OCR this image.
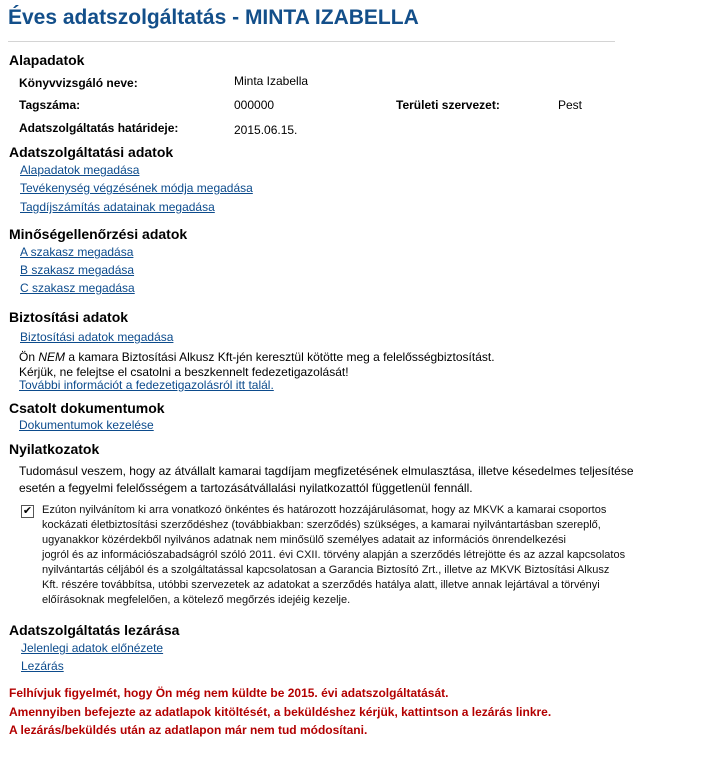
Éves adatszolgáltatás - MINTA IZABELLA
Alapadatok
Könyvvizsgáló neve:	Minta Izabella
Tagszáma:	000000	Területi szervezet:	Pest
Adatszolgáltatás határideje:	2015.06.15.
Adatszolgáltatási adatok
Alapadatok megadása
Tevékenység végzésének módja megadása
Tagdíjszámítás adatainak megadása
Minőségellenőrzési adatok
A szakasz megadása
B szakasz megadása
C szakasz megadása
Biztosítási adatok
Biztosítási adatok megadása
Ön NEM a kamara Biztosítási Alkusz Kft-jén keresztül kötötte meg a felelősségbiztosítást.
Kérjük, ne felejtse el csatolni a beszkennelt fedezetigazolását!
További információt a fedezetigazolásról itt talál.
Csatolt dokumentumok
Dokumentumok kezelése
Nyilatkozatok
Tudomásul veszem, hogy az átvállalt kamarai tagdíjam megfizetésének elmulasztása, illetve késedelmes teljesítése
esetén a fegyelmi felelősségem a tartozásátvállalási nyilatkozattól függetlenül fennáll.
✔ Ezúton nyilvánítom ki arra vonatkozó önkéntes és határozott hozzájárulásomat, hogy az MKVK a kamarai csoportos
kockázati életbiztosítási szerződéshez (továbbiakban: szerződés) szükséges, a kamarai nyilvántartásban szereplő,
ugyanakkor közérdekből nyilvános adatnak nem minősülő személyes adatait az információs önrendelkezési
jogról és az információszabadságról szóló 2011. évi CXII. törvény alapján a szerződés létrejötte és az azzal kapcsolatos
nyilvántartás céljából és a szolgáltatással kapcsolatosan a Garancia Biztosító Zrt., illetve az MKVK Biztosítási Alkusz
Kft. részére továbbítsa, utóbbi szervezetek az adatokat a szerződés hatálya alatt, illetve annak lejártával a törvényi
előírásoknak megfelelően, a kötelező megőrzés idejéig kezelje.
Adatszolgáltatás lezárása
Jelenlegi adatok előnézete
Lezárás
Felhívjuk figyelmét, hogy Ön még nem küldte be 2015. évi adatszolgáltatását.
Amennyiben befejezte az adatlapok kitöltését, a beküldéshez kérjük, kattintson a lezárás linkre.
A lezárás/beküldés után az adatlapon már nem tud módosítani.
